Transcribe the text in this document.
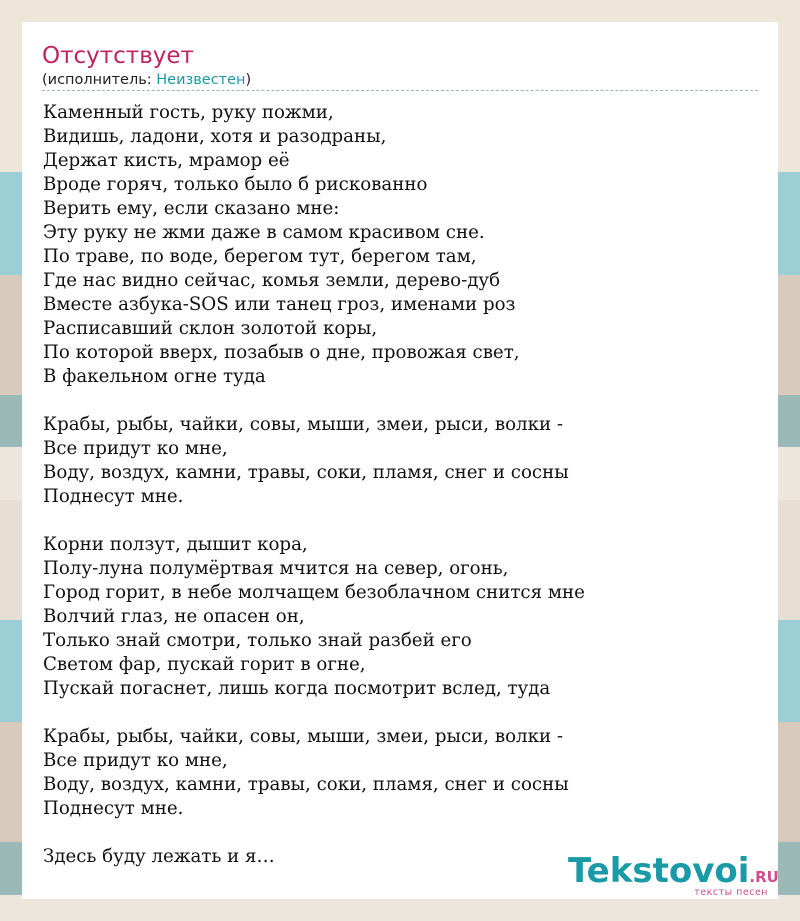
Отсутствует
(исполнитель: Неизвестен)
Каменный гость, руку пожми,
Видишь, ладони, хотя и разодраны,
Держат кисть, мрамор её
Вроде горяч, только было б рискованно
Верить ему, если сказано мне:
Эту руку не жми даже в самом красивом сне.
По траве, по воде, берегом тут, берегом там,
Где нас видно сейчас, комья земли, дерево-дуб
Вместе азбука-SOS или танец гроз, именами роз
Расписавший склон золотой коры,
По которой вверх, позабыв о дне, провожая свет,
В факельном огне туда
Крабы, рыбы, чайки, совы, мыши, змеи, рыси, волки -
Все придут ко мне,
Воду, воздух, камни, травы, соки, пламя, снег и сосны
Поднесут мне.
Корни ползут, дышит кора,
Полу-луна полумёртвая мчится на север, огонь,
Город горит, в небе молчащем безоблачном снится мне
Волчий глаз, не опасен он,
Только знай смотри, только знай разбей его
Светом фар, пускай горит в огне,
Пускай погаснет, лишь когда посмотрит вслед, туда
Крабы, рыбы, чайки, совы, мыши, змеи, рыси, волки -
Все придут ко мне,
Воду, воздух, камни, травы, соки, пламя, снег и сосны
Поднесут мне.
Здесь буду лежать и я…	Tekstovoi.RU
тексты песен
